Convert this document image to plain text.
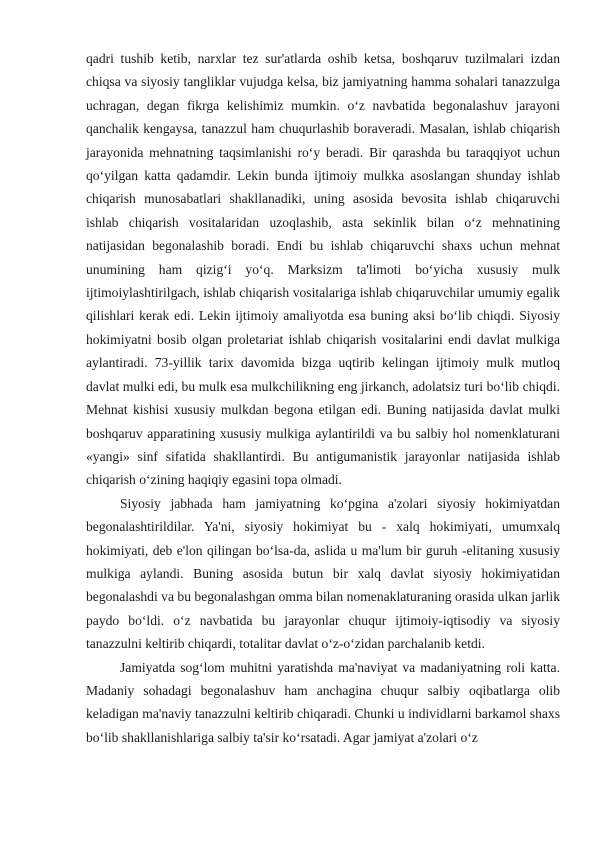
qadri tushib ketib, narxlar tez sur'atlarda oshib ketsa, boshqaruv tuzilmalari izdan chiqsa va siyosiy tangliklar vujudga kelsa, biz jamiyatning hamma sohalari tanazzulga uchragan, degan fikrga kelishimiz mumkin. o‘z navbatida begonalashuv jarayoni qanchalik kengaysa, tanazzul ham chuqurlashib boraveradi. Masalan, ishlab chiqarish jarayonida mehnatning taqsimlanishi ro‘y beradi. Bir qarashda bu taraqqiyot uchun qo‘yilgan katta qadamdir. Lekin bunda ijtimoiy mulkka asoslangan shunday ishlab chiqarish munosabatlari shakllanadiki, uning asosida bevosita ishlab chiqaruvchi ishlab chiqarish vositalaridan uzoqlashib, asta sekinlik bilan o‘z mehnatining natijasidan begonalashib boradi. Endi bu ishlab chiqaruvchi shaxs uchun mehnat unumining ham qizig‘i yo‘q. Marksizm ta'limoti bo‘yicha xususiy mulk ijtimoiylashtirilgach, ishlab chiqarish vositalariga ishlab chiqaruvchilar umumiy egalik qilishlari kerak edi. Lekin ijtimoiy amaliyotda esa buning aksi bo‘lib chiqdi. Siyosiy hokimiyatni bosib olgan proletariat ishlab chiqarish vositalarini endi davlat mulkiga aylantiradi. 73-yillik tarix davomida bizga uqtirib kelingan ijtimoiy mulk mutloq davlat mulki edi, bu mulk esa mulkchilikning eng jirkanch, adolatsiz turi bo‘lib chiqdi. Mehnat kishisi xususiy mulkdan begona etilgan edi. Buning natijasida davlat mulki boshqaruv apparatining xususiy mulkiga aylantirildi va bu salbiy hol nomenklaturani «yangi» sinf sifatida shakllantirdi. Bu antigumanistik jarayonlar natijasida ishlab chiqarish o‘zining haqiqiy egasini topa olmadi.

Siyosiy jabhada ham jamiyatning ko‘pgina a'zolari siyosiy hokimiyatdan begonalashtirildilar. Ya'ni, siyosiy hokimiyat bu - xalq hokimiyati, umumxalq hokimiyati, deb e'lon qilingan bo‘lsa-da, aslida u ma'lum bir guruh -elitaning xususiy mulkiga aylandi. Buning asosida butun bir xalq davlat siyosiy hokimiyatidan begonalashdi va bu begonalashgan omma bilan nomenaklaturaning orasida ulkan jarlik paydo bo‘ldi. o‘z navbatida bu jarayonlar chuqur ijtimoiy-iqtisodiy va siyosiy tanazzulni keltirib chiqardi, totalitar davlat o‘z-o‘zidan parchalanib ketdi.

Jamiyatda sog‘lom muhitni yaratishda ma'naviyat va madaniyatning roli katta. Madaniy sohadagi begonalashuv ham anchagina chuqur salbiy oqibatlarga olib keladigan ma'naviy tanazzulni keltirib chiqaradi. Chunki u individlarni barkamol shaxs bo‘lib shakllanishlariga salbiy ta'sir ko‘rsatadi. Agar jamiyat a'zolari o‘z
